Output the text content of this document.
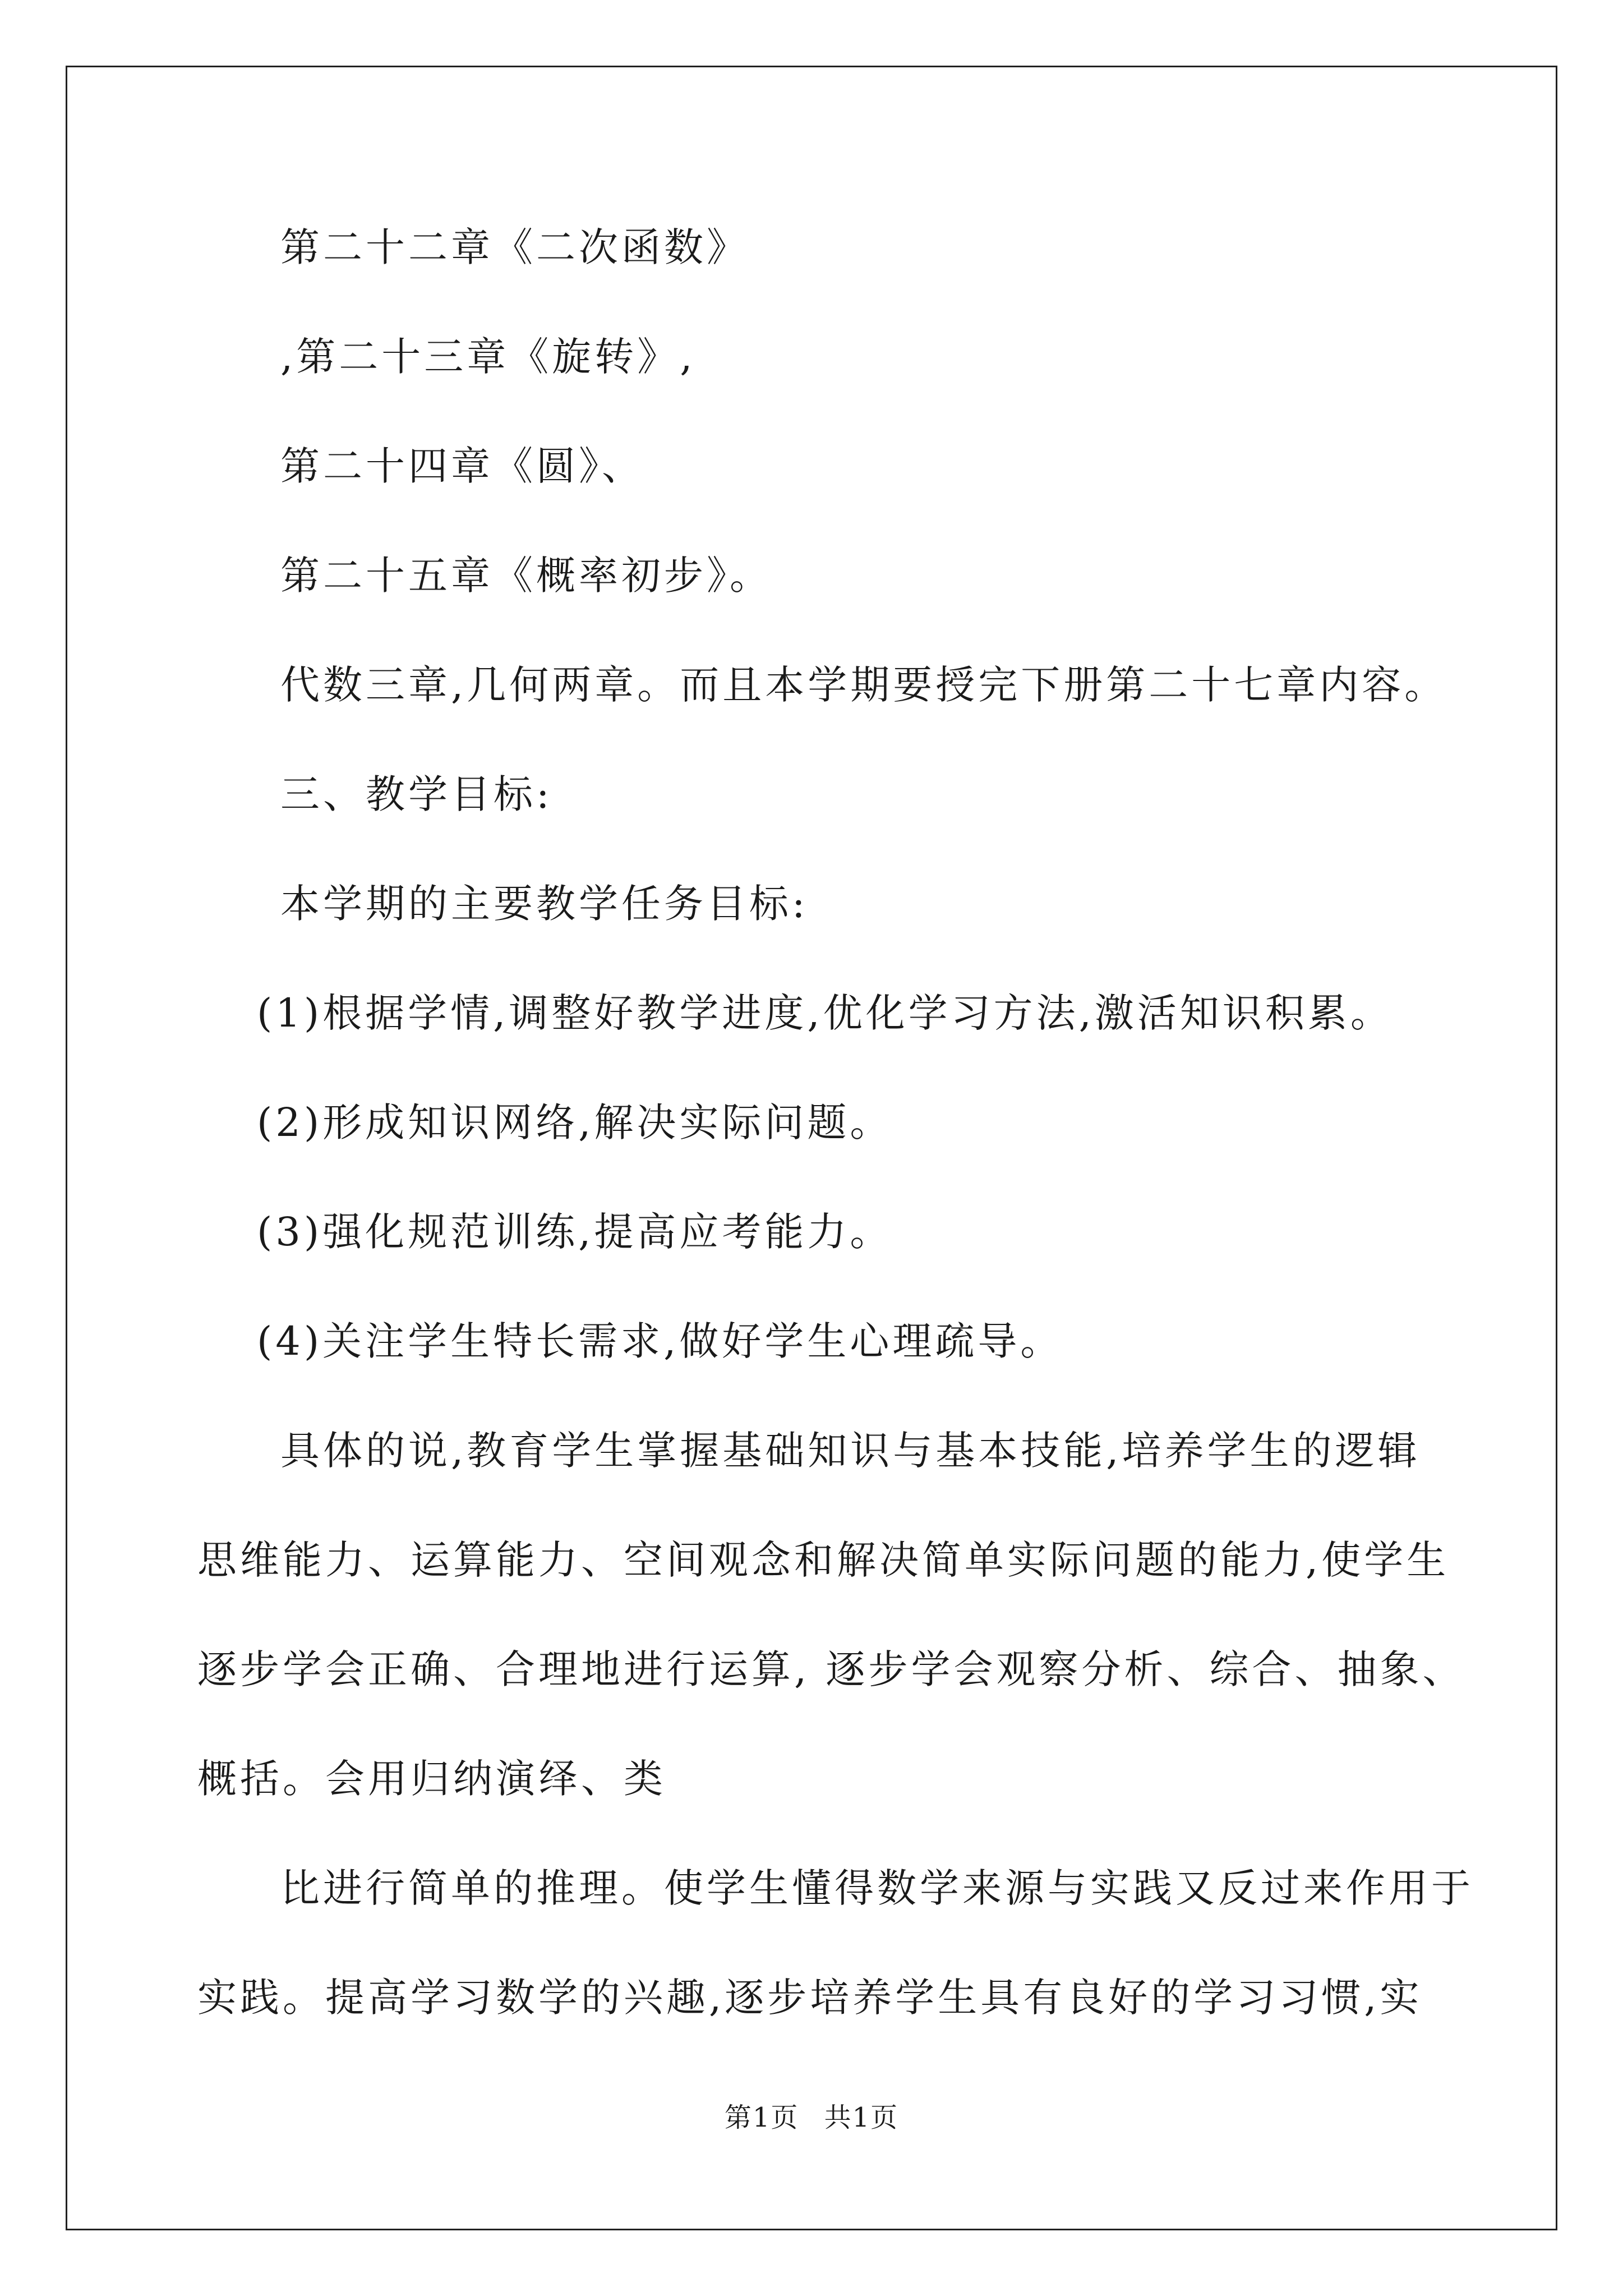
第二十二章《二次函数》
,第二十三章《旋转》,
第二十四章《圆》、
第二十五章《概率初步》。
代数三章,几何两章。而且本学期要授完下册第二十七章内容。
三、教学目标:
本学期的主要教学任务目标:
(1)根据学情,调整好教学进度,优化学习方法,激活知识积累。
(2)形成知识网络,解决实际问题。
(3)强化规范训练,提高应考能力。
(4)关注学生特长需求,做好学生心理疏导。
具体的说,教育学生掌握基础知识与基本技能,培养学生的逻辑
思维能力、运算能力、空间观念和解决简单实际问题的能力,使学生
逐步学会正确、合理地进行运算, 逐步学会观察分析、综合、抽象、
概括。会用归纳演绎、类
比进行简单的推理。使学生懂得数学来源与实践又反过来作用于
实践。提高学习数学的兴趣,逐步培养学生具有良好的学习习惯,实
第1页 共1页
